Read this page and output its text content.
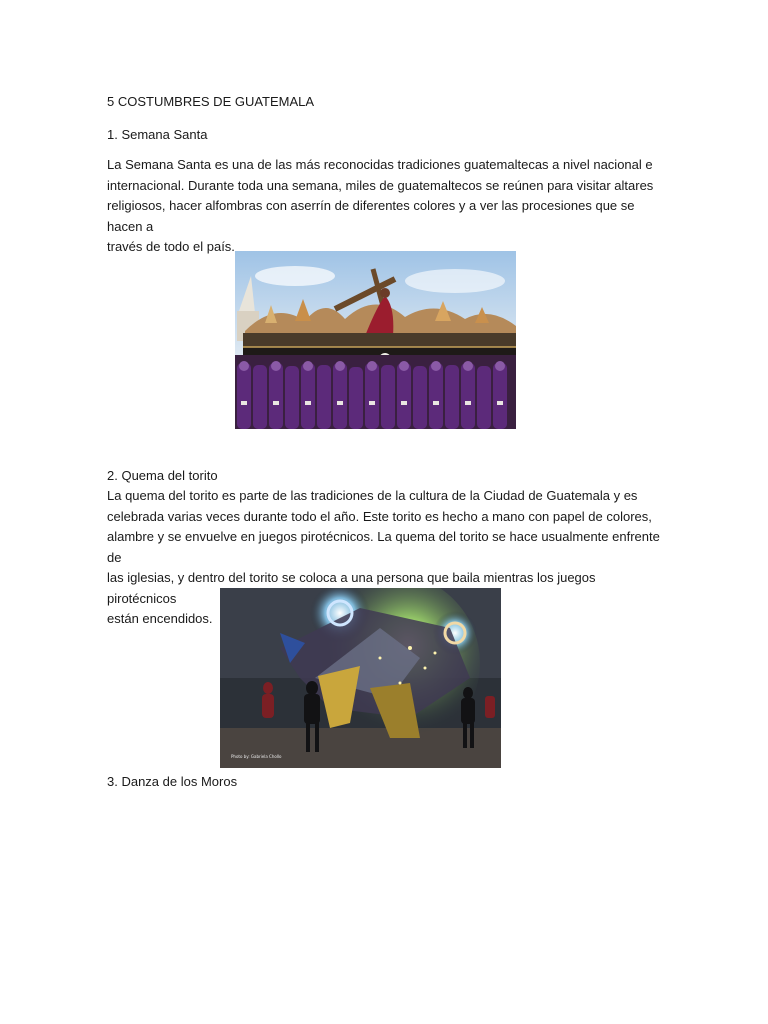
5 COSTUMBRES DE GUATEMALA

1. Semana Santa

La Semana Santa es una de las más reconocidas tradiciones guatemaltecas a nivel nacional e
internacional. Durante toda una semana, miles de guatemaltecos se reúnen para visitar altares
religiosos, hacer alfombras con aserrín de diferentes colores y a ver las procesiones que se hacen a
través de todo el país.

2. Quema del torito

La quema del torito es parte de las tradiciones de la cultura de la Ciudad de Guatemala y es
celebrada varias veces durante todo el año. Este torito es hecho a mano con papel de colores,
alambre y se envuelve en juegos pirotécnicos. La quema del torito se hace usualmente enfrente de
las iglesias, y dentro del torito se coloca a una persona que baila mientras los juegos pirotécnicos
están encendidos.
Photo by: Gabriela Chollo

3. Danza de los Moros
